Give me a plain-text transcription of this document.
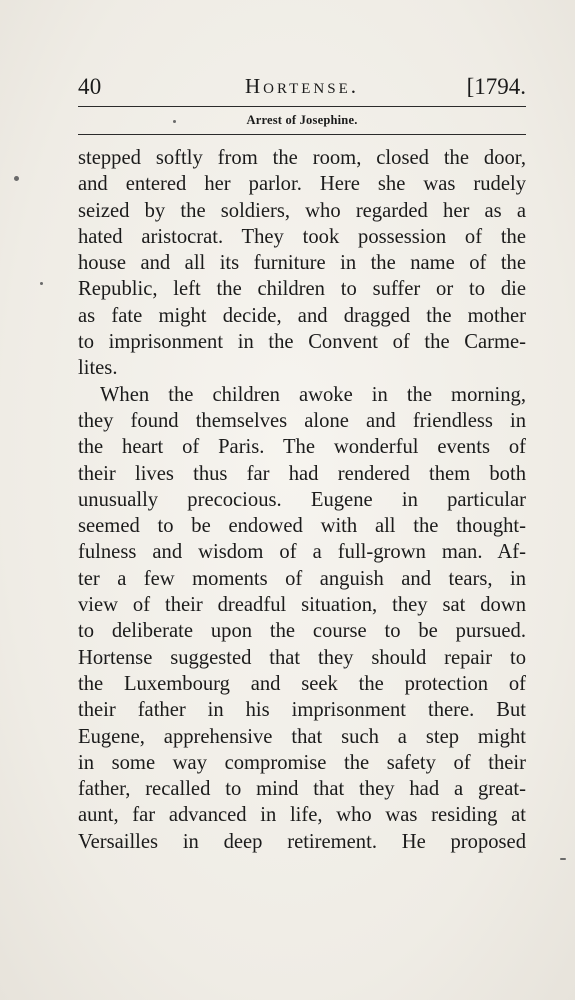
40	Hortense.	[1794.
Arrest of Josephine.
stepped softly from the room, closed the door,
and entered her parlor. Here she was rudely
seized by the soldiers, who regarded her as a
hated aristocrat. They took possession of the
house and all its furniture in the name of the
Republic, left the children to suffer or to die
as fate might decide, and dragged the mother
to imprisonment in the Convent of the Carme-
lites.
When the children awoke in the morning,
they found themselves alone and friendless in
the heart of Paris. The wonderful events of
their lives thus far had rendered them both
unusually precocious. Eugene in particular
seemed to be endowed with all the thought-
fulness and wisdom of a full-grown man. Af-
ter a few moments of anguish and tears, in
view of their dreadful situation, they sat down
to deliberate upon the course to be pursued.
Hortense suggested that they should repair to
the Luxembourg and seek the protection of
their father in his imprisonment there. But
Eugene, apprehensive that such a step might
in some way compromise the safety of their
father, recalled to mind that they had a great-
aunt, far advanced in life, who was residing at
Versailles in deep retirement. He proposed
